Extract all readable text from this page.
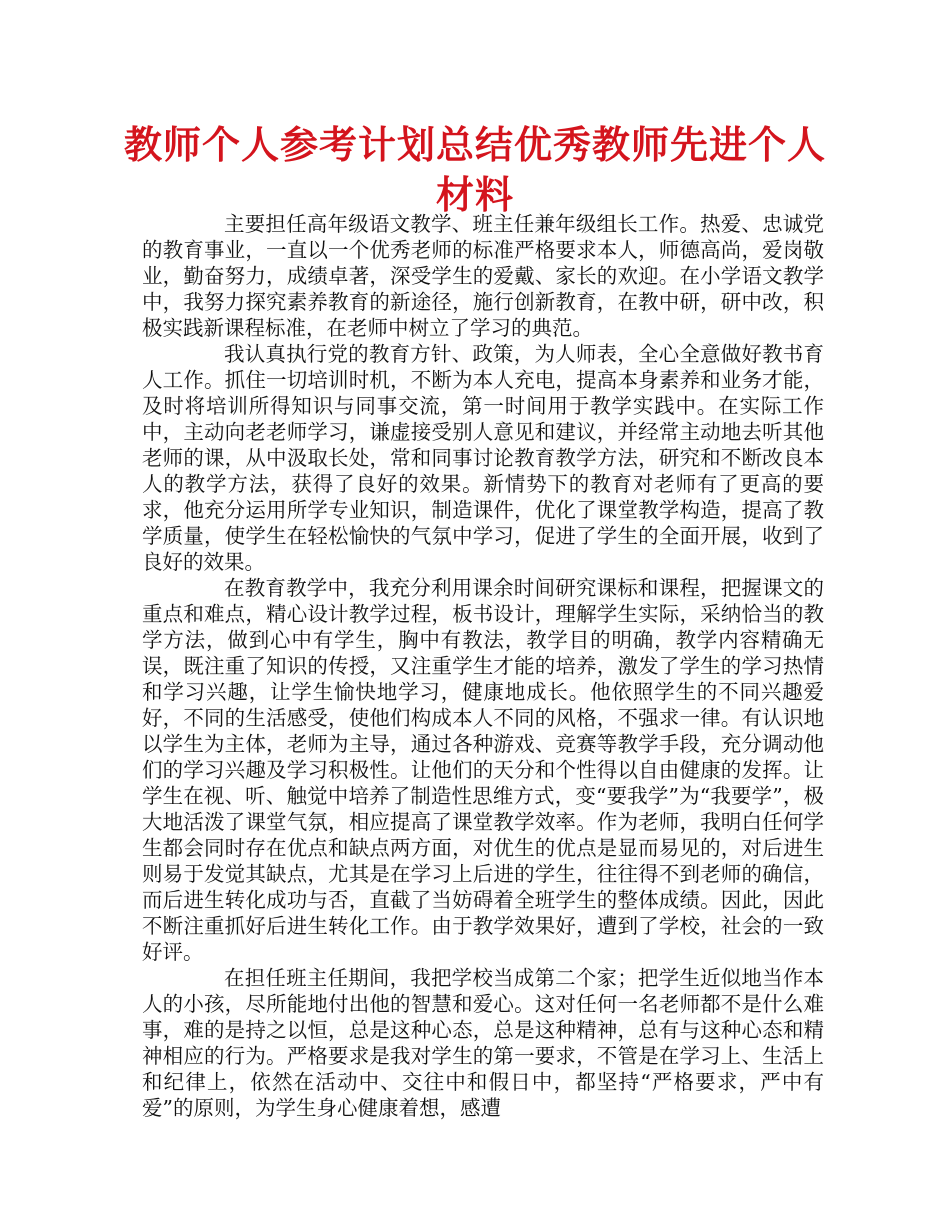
教师个人参考计划总结优秀教师先进个人
材料

主要担任高年级语文教学、班主任兼年级组长工作。热爱、忠诚党的教育事业，一直以一个优秀老师的标准严格要求本人，师德高尚，爱岗敬业，勤奋努力，成绩卓著，深受学生的爱戴、家长的欢迎。在小学语文教学中，我努力探究素养教育的新途径，施行创新教育，在教中研，研中改，积极实践新课程标准，在老师中树立了学习的典范。

我认真执行党的教育方针、政策，为人师表，全心全意做好教书育人工作。抓住一切培训时机，不断为本人充电，提高本身素养和业务才能，及时将培训所得知识与同事交流，第一时间用于教学实践中。在实际工作中，主动向老老师学习，谦虚接受别人意见和建议，并经常主动地去听其他老师的课，从中汲取长处，常和同事讨论教育教学方法，研究和不断改良本人的教学方法，获得了良好的效果。新情势下的教育对老师有了更高的要求，他充分运用所学专业知识，制造课件，优化了课堂教学构造，提高了教学质量，使学生在轻松愉快的气氛中学习，促进了学生的全面开展，收到了良好的效果。

在教育教学中，我充分利用课余时间研究课标和课程，把握课文的重点和难点，精心设计教学过程，板书设计，理解学生实际，采纳恰当的教学方法，做到心中有学生，胸中有教法，教学目的明确，教学内容精确无误，既注重了知识的传授，又注重学生才能的培养，激发了学生的学习热情和学习兴趣，让学生愉快地学习，健康地成长。他依照学生的不同兴趣爱好，不同的生活感受，使他们构成本人不同的风格，不强求一律。有认识地以学生为主体，老师为主导，通过各种游戏、竞赛等教学手段，充分调动他们的学习兴趣及学习积极性。让他们的天分和个性得以自由健康的发挥。让学生在视、听、触觉中培养了制造性思维方式，变“要我学”为“我要学”，极大地活泼了课堂气氛，相应提高了课堂教学效率。作为老师，我明白任何学生都会同时存在优点和缺点两方面，对优生的优点是显而易见的，对后进生则易于发觉其缺点，尤其是在学习上后进的学生，往往得不到老师的确信，而后进生转化成功与否，直截了当妨碍着全班学生的整体成绩。因此，因此不断注重抓好后进生转化工作。由于教学效果好，遭到了学校，社会的一致好评。

在担任班主任期间，我把学校当成第二个家；把学生近似地当作本人的小孩，尽所能地付出他的智慧和爱心。这对任何一名老师都不是什么难事，难的是持之以恒，总是这种心态，总是这种精神，总有与这种心态和精神相应的行为。严格要求是我对学生的第一要求，不管是在学习上、生活上和纪律上，依然在活动中、交往中和假日中，都坚持“严格要求，严中有爱”的原则，为学生身心健康着想，感遭
